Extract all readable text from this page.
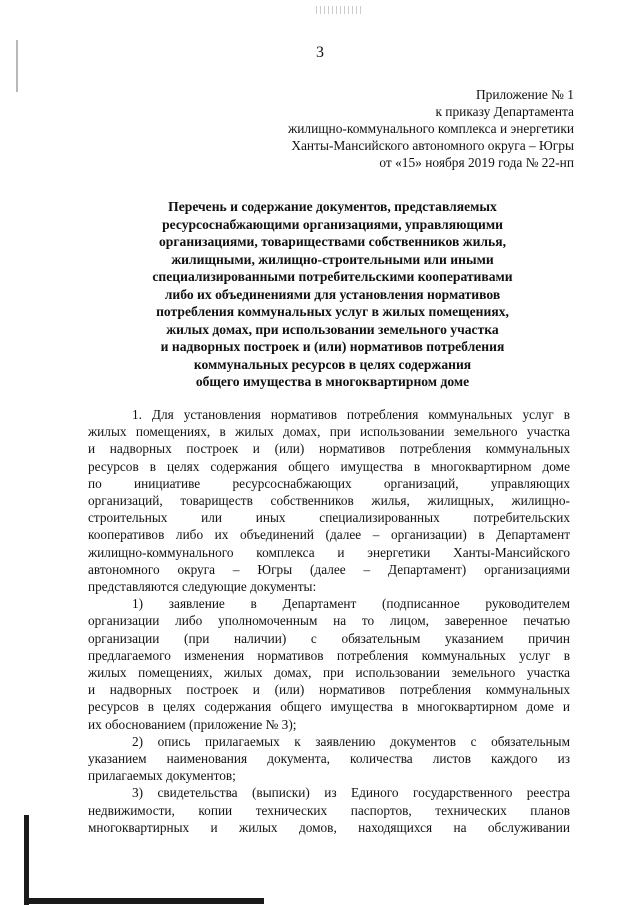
3
Приложение № 1
к приказу Департамента
жилищно-коммунального комплекса и энергетики
Ханты-Мансийского автономного округа – Югры
от «15» ноября 2019 года № 22-нп
Перечень и содержание документов, представляемых
ресурсоснабжающими организациями, управляющими
организациями, товариществами собственников жилья,
жилищными, жилищно-строительными или иными
специализированными потребительскими кооперативами
либо их объединениями для установления нормативов
потребления коммунальных услуг в жилых помещениях,
жилых домах, при использовании земельного участка
и надворных построек и (или) нормативов потребления
коммунальных ресурсов в целях содержания
общего имущества в многоквартирном доме
1. Для установления нормативов потребления коммунальных услуг в
жилых помещениях, в жилых домах, при использовании земельного участка
и надворных построек и (или) нормативов потребления коммунальных
ресурсов в целях содержания общего имущества в многоквартирном доме
по инициативе ресурсоснабжающих организаций, управляющих
организаций, товариществ собственников жилья, жилищных, жилищно-
строительных или иных специализированных потребительских
кооперативов либо их объединений (далее – организации) в Департамент
жилищно-коммунального комплекса и энергетики Ханты-Мансийского
автономного округа – Югры (далее – Департамент) организациями
представляются следующие документы:
1) заявление в Департамент (подписанное руководителем
организации либо уполномоченным на то лицом, заверенное печатью
организации (при наличии) с обязательным указанием причин
предлагаемого изменения нормативов потребления коммунальных услуг в
жилых помещениях, жилых домах, при использовании земельного участка
и надворных построек и (или) нормативов потребления коммунальных
ресурсов в целях содержания общего имущества в многоквартирном доме и
их обоснованием (приложение № 3);
2) опись прилагаемых к заявлению документов с обязательным
указанием наименования документа, количества листов каждого из
прилагаемых документов;
3) свидетельства (выписки) из Единого государственного реестра
недвижимости, копии технических паспортов, технических планов
многоквартирных и жилых домов, находящихся на обслуживании
